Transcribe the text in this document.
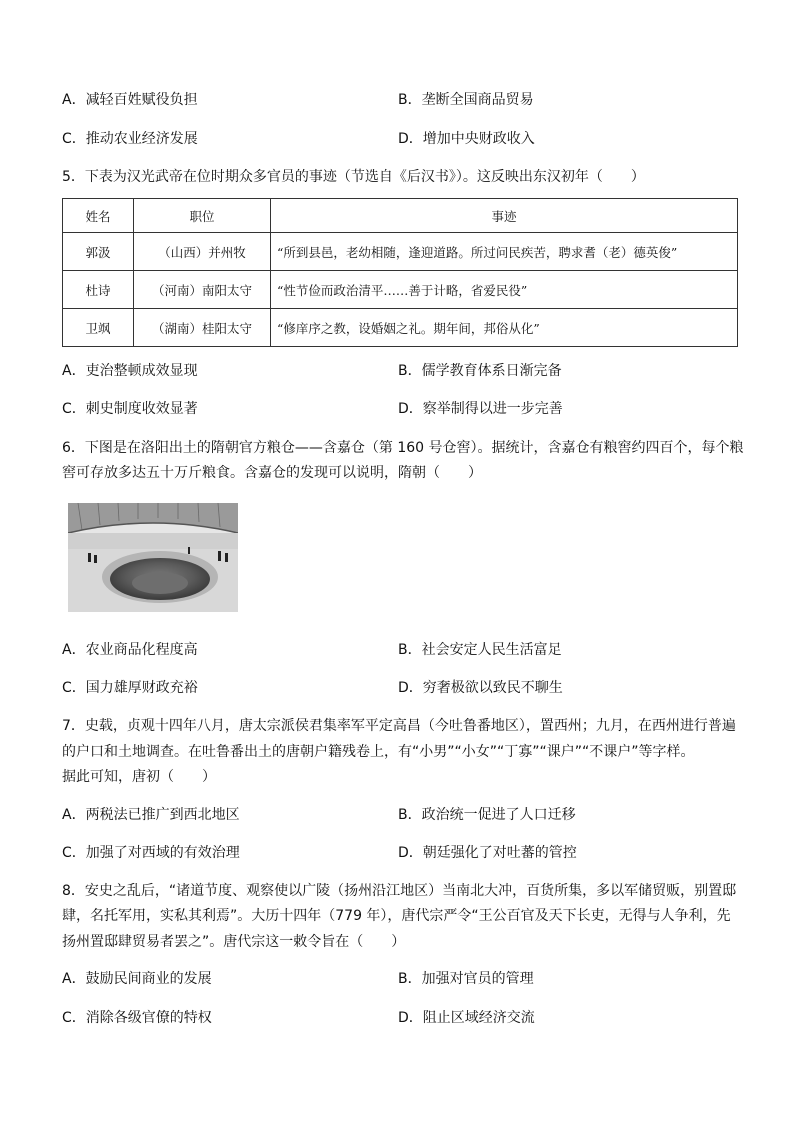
A．减轻百姓赋役负担	B．垄断全国商品贸易
C．推动农业经济发展	D．增加中央财政收入
5．下表为汉光武帝在位时期众多官员的事迹（节选自《后汉书》）。这反映出东汉初年（　　）
姓名	职位	事迹
郭汲	（山西）并州牧	“所到县邑，老幼相随，逢迎道路。所过问民疾苦，聘求耆（老）德英俊”
杜诗	（河南）南阳太守	“性节俭而政治清平……善于计略，省爱民役”
卫飒	（湖南）桂阳太守	“修庠序之教，设婚姻之礼。期年间，邦俗从化”
A．吏治整顿成效显现	B．儒学教育体系日渐完备
C．刺史制度收效显著	D．察举制得以进一步完善
6．下图是在洛阳出土的隋朝官方粮仓——含嘉仓（第 160 号仓窖）。据统计，含嘉仓有粮窖约四百个，每个粮
窖可存放多达五十万斤粮食。含嘉仓的发现可以说明，隋朝（　　）
A．农业商品化程度高	B．社会安定人民生活富足
C．国力雄厚财政充裕	D．穷奢极欲以致民不聊生
7．史载，贞观十四年八月，唐太宗派侯君集率军平定高昌（今吐鲁番地区），置西州；九月，在西州进行普遍
的户口和土地调查。在吐鲁番出土的唐朝户籍残卷上，有“小男”“小女”“丁寡”“课户”“不课户”等字样。
据此可知，唐初（　　）
A．两税法已推广到西北地区	B．政治统一促进了人口迁移
C．加强了对西域的有效治理	D．朝廷强化了对吐蕃的管控
8．安史之乱后，“诸道节度、观察使以广陵（扬州沿江地区）当南北大冲，百货所集，多以军储贸贩，别置邸
肆，名托军用，实私其利焉”。大历十四年（779 年），唐代宗严令“王公百官及天下长吏，无得与人争利，先
扬州置邸肆贸易者罢之”。唐代宗这一敕令旨在（　　）
A．鼓励民间商业的发展	B．加强对官员的管理
C．消除各级官僚的特权	D．阻止区域经济交流
